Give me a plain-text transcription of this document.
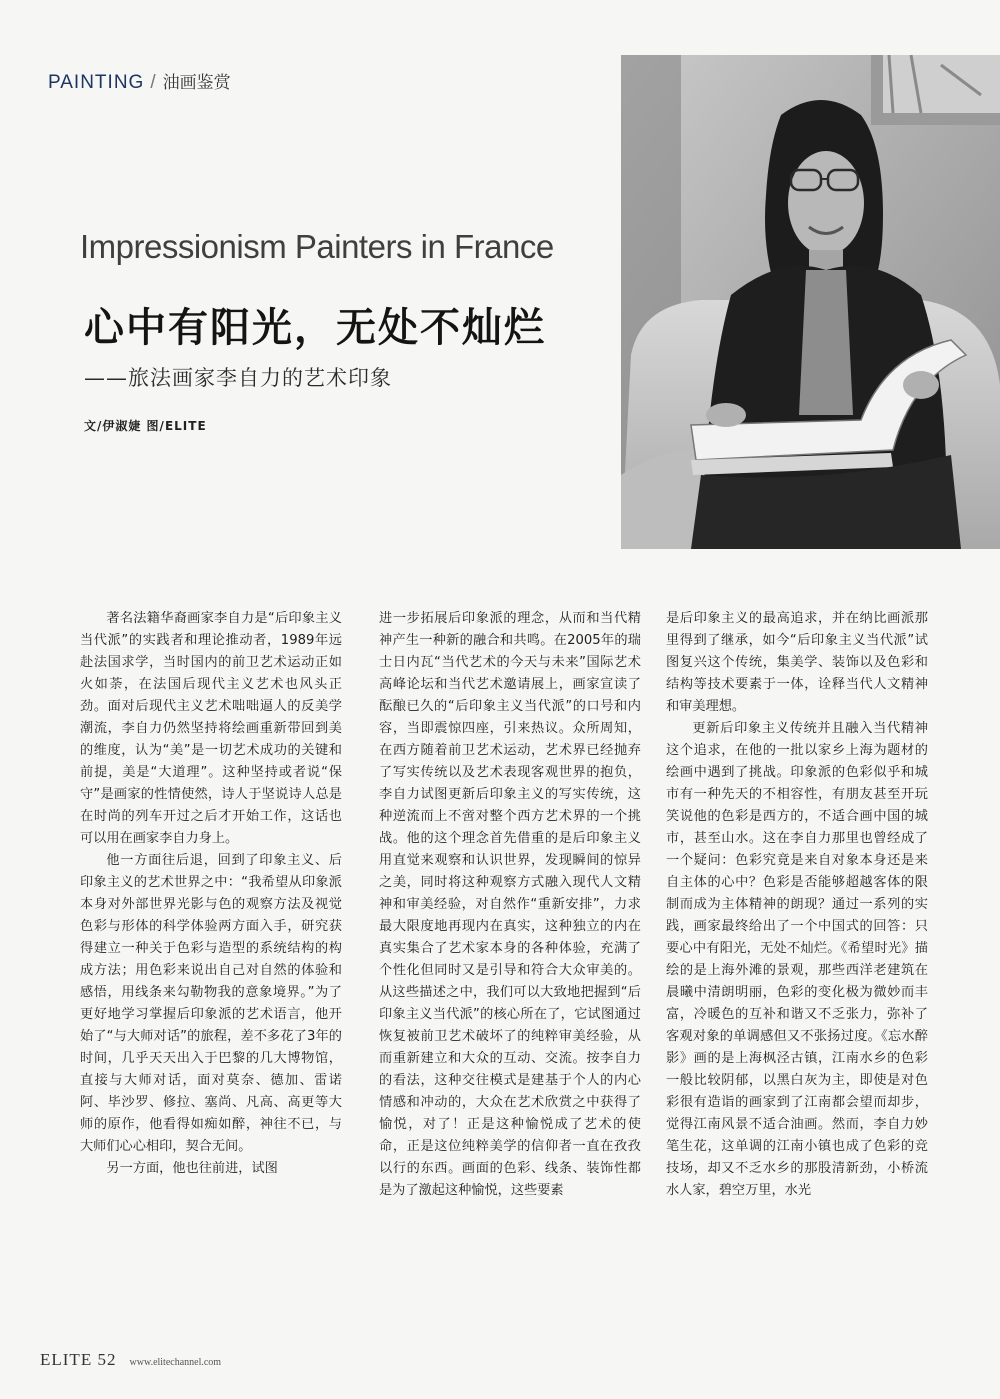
PAINTING / 油画鉴赏
Impressionism Painters in France
心中有阳光，无处不灿烂
——旅法画家李自力的艺术印象
文/伊淑婕 图/ELITE

著名法籍华裔画家李自力是“后印象主义当代派”的实践者和理论推动者，1989年远赴法国求学，当时国内的前卫艺术运动正如火如荼，在法国后现代主义艺术也风头正劲。面对后现代主义艺术咄咄逼人的反美学潮流，李自力仍然坚持将绘画重新带回到美的维度，认为“美”是一切艺术成功的关键和前提，美是“大道理”。这种坚持或者说“保守”是画家的性情使然，诗人于坚说诗人总是在时尚的列车开过之后才开始工作，这话也可以用在画家李自力身上。

他一方面往后退，回到了印象主义、后印象主义的艺术世界之中：“我希望从印象派本身对外部世界光影与色的观察方法及视觉色彩与形体的科学体验两方面入手，研究获得建立一种关于色彩与造型的系统结构的构成方法；用色彩来说出自己对自然的体验和感悟，用线条来勾勒物我的意象境界。”为了更好地学习掌握后印象派的艺术语言，他开始了“与大师对话”的旅程，差不多花了3年的时间，几乎天天出入于巴黎的几大博物馆，直接与大师对话，面对莫奈、德加、雷诺阿、毕沙罗、修拉、塞尚、凡高、高更等大师的原作，他看得如痴如醉，神往不已，与大师们心心相印，契合无间。

另一方面，他也往前进，试图

进一步拓展后印象派的理念，从而和当代精神产生一种新的融合和共鸣。在2005年的瑞士日内瓦“当代艺术的今天与未来”国际艺术高峰论坛和当代艺术邀请展上，画家宣读了酝酿已久的“后印象主义当代派”的口号和内容，当即震惊四座，引来热议。众所周知，在西方随着前卫艺术运动，艺术界已经抛弃了写实传统以及艺术表现客观世界的抱负，李自力试图更新后印象主义的写实传统，这种逆流而上不啻对整个西方艺术界的一个挑战。他的这个理念首先借重的是后印象主义用直觉来观察和认识世界，发现瞬间的惊异之美，同时将这种观察方式融入现代人文精神和审美经验，对自然作“重新安排”，力求最大限度地再现内在真实，这种独立的内在真实集合了艺术家本身的各种体验，充满了个性化但同时又是引导和符合大众审美的。从这些描述之中，我们可以大致地把握到“后印象主义当代派”的核心所在了，它试图通过恢复被前卫艺术破坏了的纯粹审美经验，从而重新建立和大众的互动、交流。按李自力的看法，这种交往模式是建基于个人的内心情感和冲动的，大众在艺术欣赏之中获得了愉悦，对了！正是这种愉悦成了艺术的使命，正是这位纯粹美学的信仰者一直在孜孜以行的东西。画面的色彩、线条、装饰性都是为了激起这种愉悦，这些要素

是后印象主义的最高追求，并在纳比画派那里得到了继承，如今“后印象主义当代派”试图复兴这个传统，集美学、装饰以及色彩和结构等技术要素于一体，诠释当代人文精神和审美理想。

更新后印象主义传统并且融入当代精神这个追求，在他的一批以家乡上海为题材的绘画中遇到了挑战。印象派的色彩似乎和城市有一种先天的不相容性，有朋友甚至开玩笑说他的色彩是西方的，不适合画中国的城市，甚至山水。这在李自力那里也曾经成了一个疑问：色彩究竟是来自对象本身还是来自主体的心中？色彩是否能够超越客体的限制而成为主体精神的朗现？通过一系列的实践，画家最终给出了一个中国式的回答：只要心中有阳光，无处不灿烂。《希望时光》描绘的是上海外滩的景观，那些西洋老建筑在晨曦中清朗明丽，色彩的变化极为微妙而丰富，冷暖色的互补和谐又不乏张力，弥补了客观对象的单调感但又不张扬过度。《忘水醉影》画的是上海枫泾古镇，江南水乡的色彩一般比较阴郁，以黑白灰为主，即使是对色彩很有造诣的画家到了江南都会望而却步，觉得江南风景不适合油画。然而，李自力妙笔生花，这单调的江南小镇也成了色彩的竞技场，却又不乏水乡的那股清新劲，小桥流水人家，碧空万里，水光

ELITE 52 www.elitechannel.com
